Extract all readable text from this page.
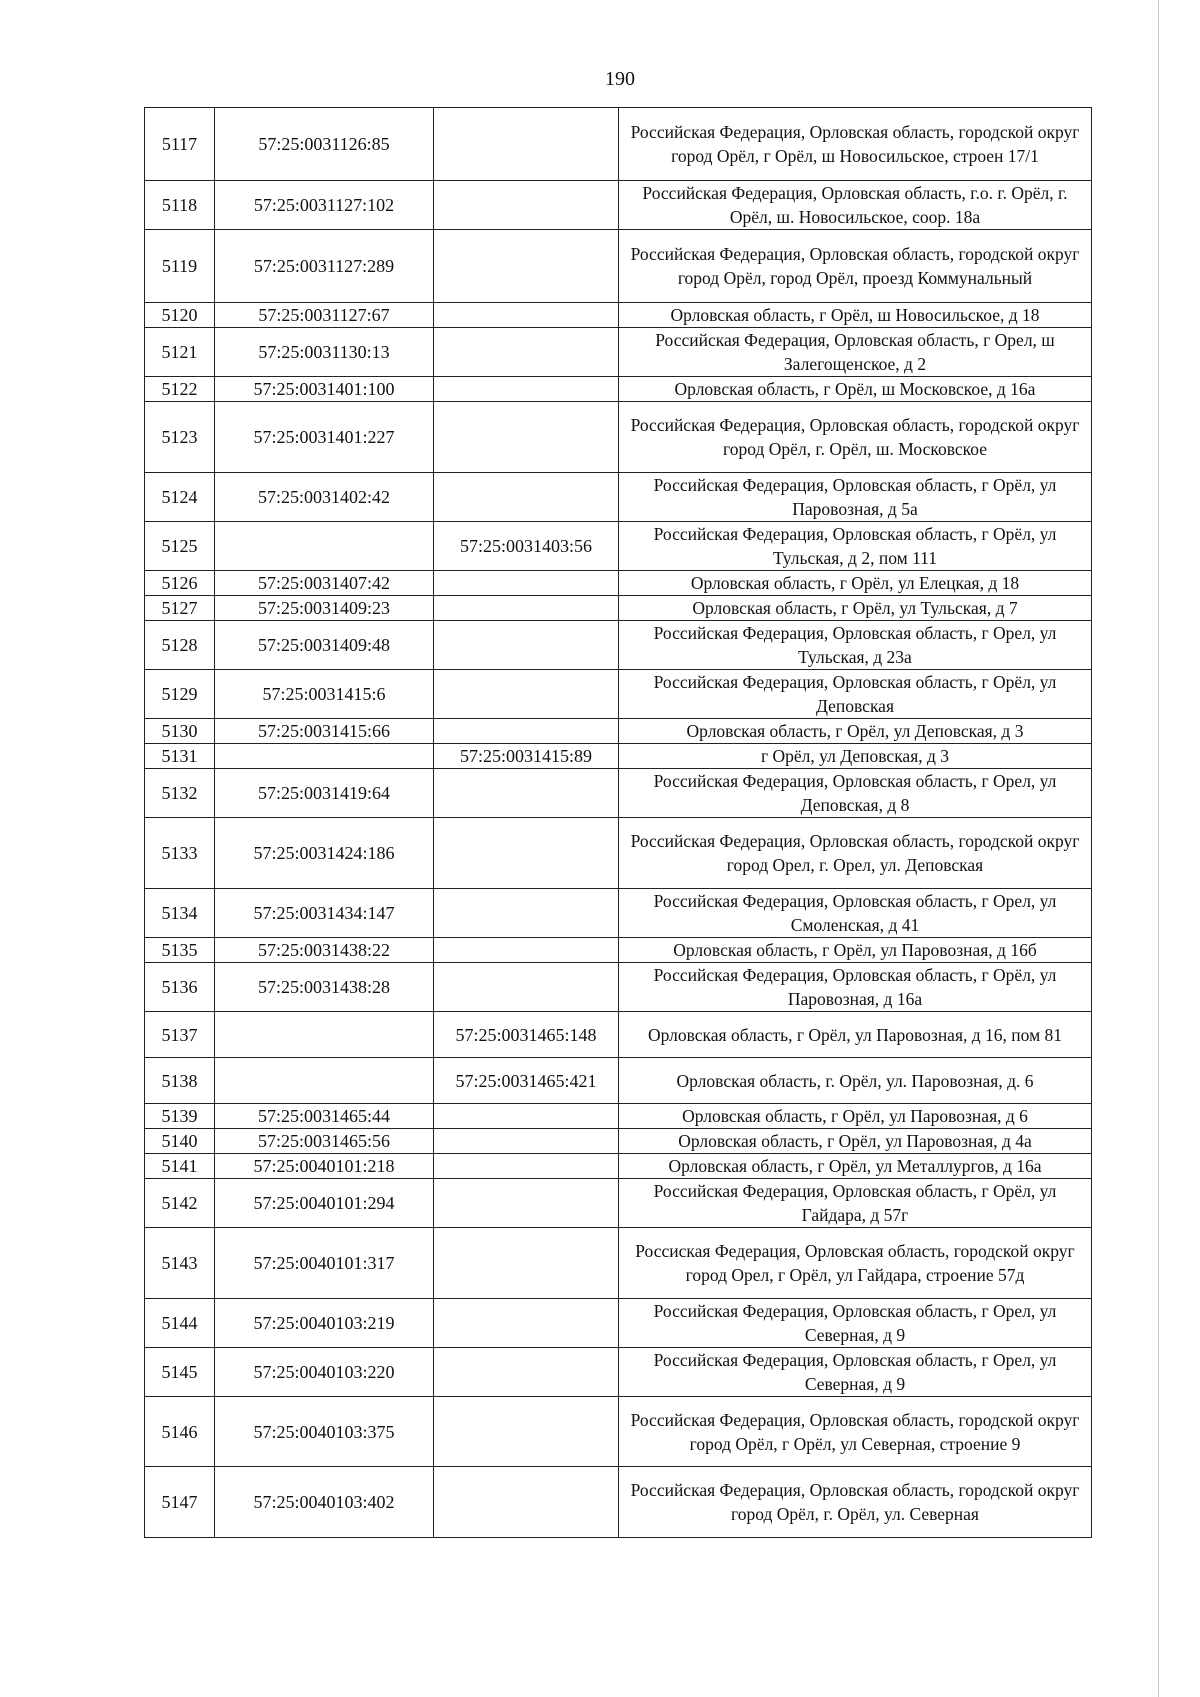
190
5117	57:25:0031126:85		Российская Федерация, Орловская область, городской округ город Орёл, г Орёл, ш Новосильское, строен 17/1
5118	57:25:0031127:102		Российская Федерация, Орловская область, г.о. г. Орёл, г. Орёл, ш. Новосильское, соор. 18а
5119	57:25:0031127:289		Российская Федерация, Орловская область, городской округ город Орёл, город Орёл, проезд Коммунальный
5120	57:25:0031127:67		Орловская область, г Орёл, ш Новосильское, д 18
5121	57:25:0031130:13		Российская Федерация, Орловская область, г Орел, ш Залегощенское, д 2
5122	57:25:0031401:100		Орловская область, г Орёл, ш Московское, д 16а
5123	57:25:0031401:227		Российская Федерация, Орловская область, городской округ город Орёл, г. Орёл, ш. Московское
5124	57:25:0031402:42		Российская Федерация, Орловская область, г Орёл, ул Паровозная, д 5а
5125		57:25:0031403:56	Российская Федерация, Орловская область, г Орёл, ул Тульская, д 2, пом 111
5126	57:25:0031407:42		Орловская область, г Орёл, ул Елецкая, д 18
5127	57:25:0031409:23		Орловская область, г Орёл, ул Тульская, д 7
5128	57:25:0031409:48		Российская Федерация, Орловская область, г Орел, ул Тульская, д 23а
5129	57:25:0031415:6		Российская Федерация, Орловская область, г Орёл, ул Деповская
5130	57:25:0031415:66		Орловская область, г Орёл, ул Деповская, д 3
5131		57:25:0031415:89	г Орёл, ул Деповская, д 3
5132	57:25:0031419:64		Российская Федерация, Орловская область, г Орел, ул Деповская, д 8
5133	57:25:0031424:186		Российская Федерация, Орловская область, городской округ город Орел, г. Орел, ул. Деповская
5134	57:25:0031434:147		Российская Федерация, Орловская область, г Орел, ул Смоленская, д 41
5135	57:25:0031438:22		Орловская область, г Орёл, ул Паровозная, д 16б
5136	57:25:0031438:28		Российская Федерация, Орловская область, г Орёл, ул Паровозная, д 16а
5137		57:25:0031465:148	Орловская область, г Орёл, ул Паровозная, д 16, пом 81
5138		57:25:0031465:421	Орловская область, г. Орёл, ул. Паровозная, д. 6
5139	57:25:0031465:44		Орловская область, г Орёл, ул Паровозная, д 6
5140	57:25:0031465:56		Орловская область, г Орёл, ул Паровозная, д 4а
5141	57:25:0040101:218		Орловская область, г Орёл, ул Металлургов, д 16а
5142	57:25:0040101:294		Российская Федерация, Орловская область, г Орёл, ул Гайдара, д 57г
5143	57:25:0040101:317		Россиская Федерация, Орловская область, городской округ город Орел, г Орёл, ул Гайдара, строение 57д
5144	57:25:0040103:219		Российская Федерация, Орловская область, г Орел, ул Северная, д 9
5145	57:25:0040103:220		Российская Федерация, Орловская область, г Орел, ул Северная, д 9
5146	57:25:0040103:375		Российская Федерация, Орловская область, городской округ город Орёл, г Орёл, ул Северная, строение 9
5147	57:25:0040103:402		Российская Федерация, Орловская область, городской округ город Орёл, г. Орёл, ул. Северная
